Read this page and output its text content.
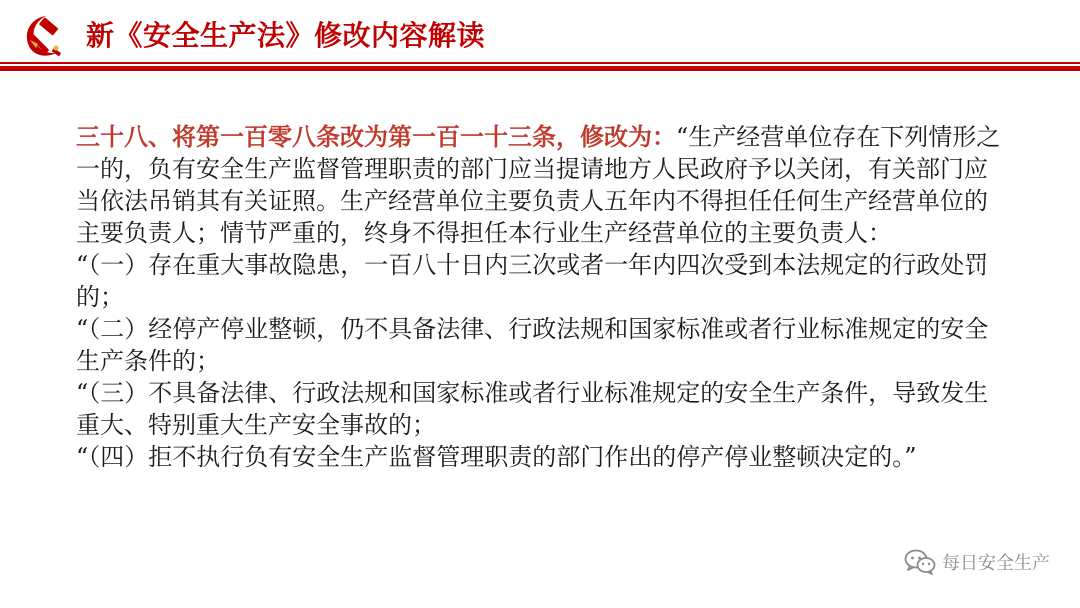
新《安全生产法》修改内容解读

三十八、将第一百零八条改为第一百一十三条，修改为：“生产经营单位存在下列情形之一的，负有安全生产监督管理职责的部门应当提请地方人民政府予以关闭，有关部门应当依法吊销其有关证照。生产经营单位主要负责人五年内不得担任任何生产经营单位的主要负责人；情节严重的，终身不得担任本行业生产经营单位的主要负责人：

“（一）存在重大事故隐患，一百八十日内三次或者一年内四次受到本法规定的行政处罚的；

“（二）经停产停业整顿，仍不具备法律、行政法规和国家标准或者行业标准规定的安全生产条件的；

“（三）不具备法律、行政法规和国家标准或者行业标准规定的安全生产条件，导致发生重大、特别重大生产安全事故的；

“（四）拒不执行负有安全生产监督管理职责的部门作出的停产停业整顿决定的。”

每日安全生产
